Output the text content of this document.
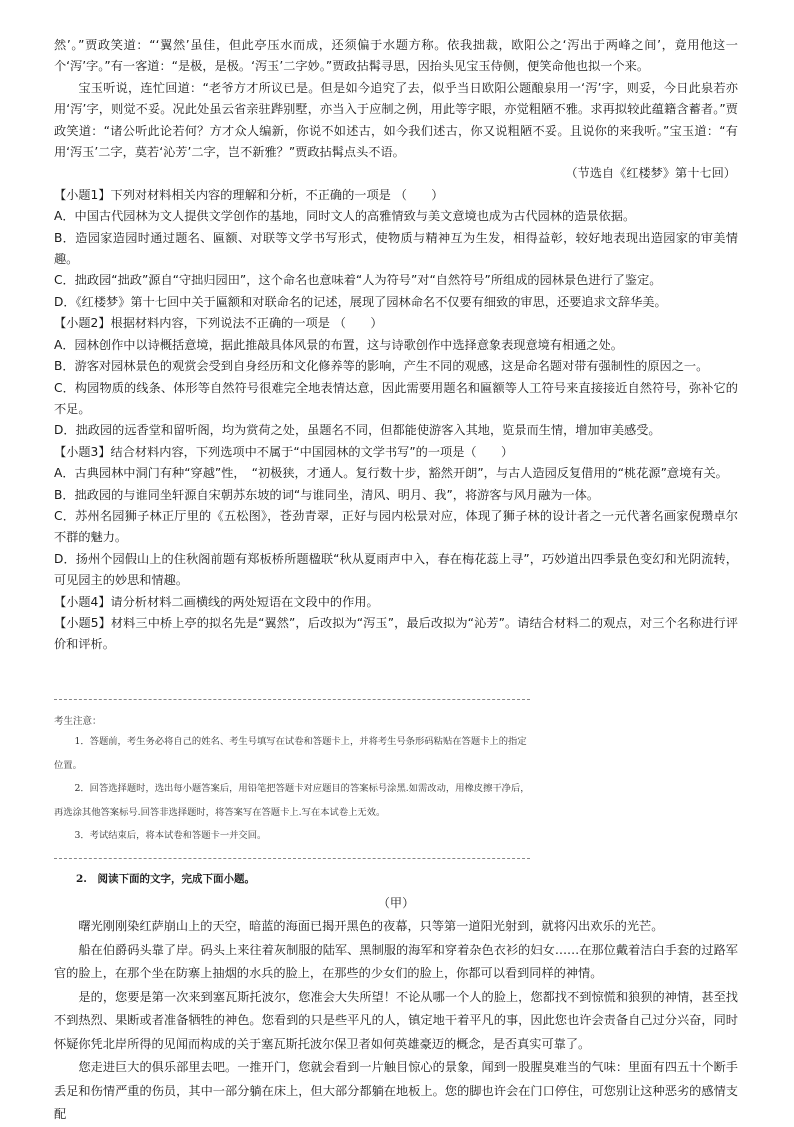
然’。”贾政笑道：“‘翼然’虽佳，但此亭压水而成，还须偏于水题方称。依我拙裁，欧阳公之‘泻出于两峰之间’，竟用他这一个‘泻’字。”有一客道：“是极，是极。‘泻玉’二字妙。”贾政拈髯寻思，因抬头见宝玉侍侧，便笑命他也拟一个来。

宝玉听说，连忙回道：“老爷方才所议已是。但是如今追究了去，似乎当日欧阳公题酿泉用一‘泻’字，则妥，今日此泉若亦用‘泻’字，则觉不妥。况此处虽云省亲驻跸别墅，亦当入于应制之例，用此等字眼，亦觉粗陋不雅。求再拟较此蕴籍含蓄者。”贾政笑道：“诸公听此论若何？方才众人编新，你说不如述古，如今我们述古，你又说粗陋不妥。且说你的来我听。”宝玉道：“有用‘泻玉’二字，莫若‘沁芳’二字，岂不新雅？”贾政拈髯点头不语。

（节选自《红楼梦》第十七回）

【小题1】下列对材料相关内容的理解和分析，不正确的一项是 （　　）

A．中国古代园林为文人提供文学创作的基地，同时文人的高雅情致与美文意境也成为古代园林的造景依据。

B．造园家造园时通过题名、匾额、对联等文学书写形式，使物质与精神互为生发，相得益彰，较好地表现出造园家的审美情趣。

C．拙政园“拙政”源自“守拙归园田”，这个命名也意味着“人为符号”对“自然符号”所组成的园林景色进行了鉴定。

D．《红楼梦》第十七回中关于匾额和对联命名的记述，展现了园林命名不仅要有细致的审思，还要追求文辞华美。

【小题2】根据材料内容，下列说法不正确的一项是 （　　）

A．园林创作中以诗概括意境，据此推敲具体风景的布置，这与诗歌创作中选择意象表现意境有相通之处。

B．游客对园林景色的观赏会受到自身经历和文化修养等的影响，产生不同的观感，这是命名题对带有强制性的原因之一。

C．构园物质的线条、体形等自然符号很难完全地表情达意，因此需要用题名和匾额等人工符号来直接接近自然符号，弥补它的不足。

D．拙政园的远香堂和留听阁，均为赏荷之处，虽题名不同，但都能使游客入其地，览景而生情，增加审美感受。

【小题3】结合材料内容，下列选项中不属于“中国园林的文学书写”的一项是（　　）

A．古典园林中洞门有种“穿越”性，　“初极狭，才通人。复行数十步，豁然开朗”，与古人造园反复借用的“桃花源”意境有关。

B．拙政园的与谁同坐轩源自宋朝苏东坡的词“与谁同坐，清风、明月、我”，将游客与风月融为一体。

C．苏州名园狮子林正厅里的《五松图》，苍劲青翠，正好与园内松景对应，体现了狮子林的设计者之一元代著名画家倪瓒卓尔不群的魅力。

D．扬州个园假山上的住秋阁前题有郑板桥所题楹联“秋从夏雨声中入，春在梅花蕊上寻”，巧妙道出四季景色变幻和光阴流转，可见园主的妙思和情趣。

【小题4】请分析材料二画横线的两处短语在文段中的作用。

【小题5】材料三中桥上亭的拟名先是“翼然”，后改拟为“泻玉”，最后改拟为“沁芳”。请结合材料二的观点，对三个名称进行评价和评析。

考生注意：

1．答题前，考生务必将自己的姓名、考生号填写在试卷和答题卡上，并将考生号条形码粘贴在答题卡上的指定位置。

2．回答选择题时，选出每小题答案后，用铅笔把答题卡对应题目的答案标号涂黑.如需改动，用橡皮擦干净后，再选涂其他答案标号.回答非选择题时，将答案写在答题卡上.写在本试卷上无效。

3．考试结束后，将本试卷和答题卡一并交回。

2.　阅读下面的文字，完成下面小题。

（甲）

曙光刚刚染红萨崩山上的天空，暗蓝的海面已揭开黑色的夜幕，只等第一道阳光射到，就将闪出欢乐的光芒。

船在伯爵码头靠了岸。码头上来往着灰制服的陆军、黑制服的海军和穿着杂色衣衫的妇女……在那位戴着洁白手套的过路军官的脸上，在那个坐在防寨上抽烟的水兵的脸上，在那些的少女们的脸上，你都可以看到同样的神情。

是的，您要是第一次来到塞瓦斯托波尔，您准会大失所望！不论从哪一个人的脸上，您都找不到惊慌和狼狈的神情，甚至找不到热烈、果断或者准备牺牲的神色。您看到的只是些平凡的人，镇定地干着平凡的事，因此您也许会责备自己过分兴奋，同时怀疑你凭北岸所得的见闻而构成的关于塞瓦斯托波尔保卫者如何英雄豪迈的概念，是否真实可靠了。

您走进巨大的俱乐部里去吧。一推开门，您就会看到一片触目惊心的景象，闻到一股腥臭难当的气味：里面有四五十个断手丢足和伤情严重的伤员，其中一部分躺在床上，但大部分都躺在地板上。您的脚也许会在门口停住，可您别让这种恶劣的感情支配
